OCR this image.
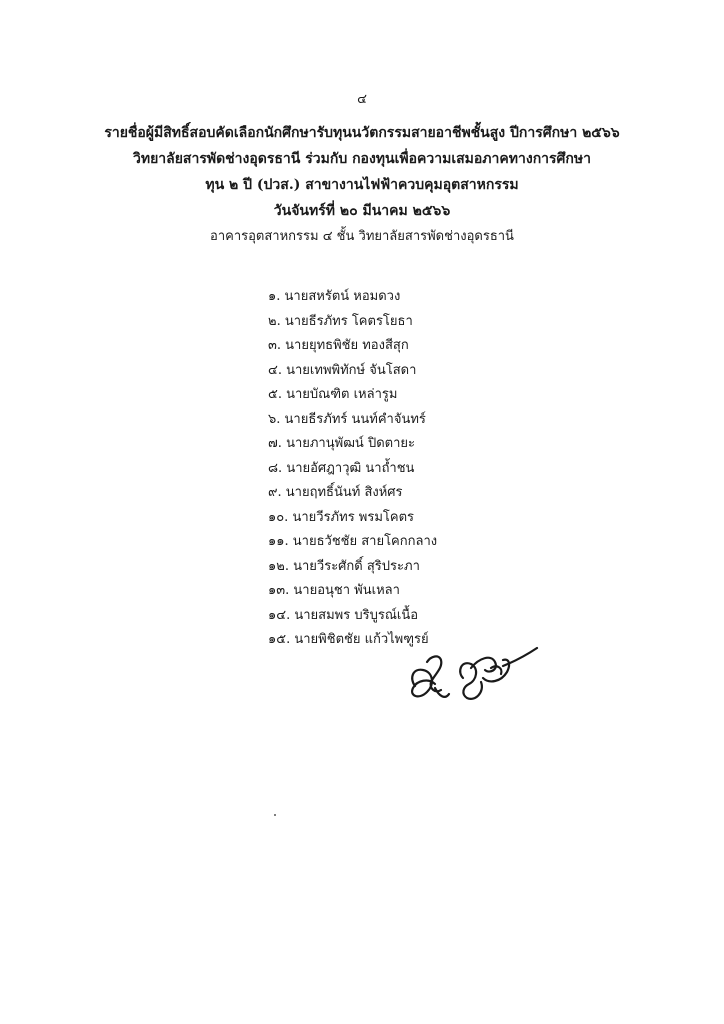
๔
รายชื่อผู้มีสิทธิ์สอบคัดเลือกนักศึกษารับทุนนวัตกรรมสายอาชีพชั้นสูง ปีการศึกษา ๒๕๖๖
วิทยาลัยสารพัดช่างอุดรธานี ร่วมกับ กองทุนเพื่อความเสมอภาคทางการศึกษา
ทุน ๒ ปี (ปวส.) สาขางานไฟฟ้าควบคุมอุตสาหกรรม
วันจันทร์ที่ ๒๐ มีนาคม ๒๕๖๖
อาคารอุตสาหกรรม ๔ ชั้น วิทยาลัยสารพัดช่างอุดรธานี
๑. นายสหรัตน์ หอมดวง
๒. นายธีรภัทร โคตรโยธา
๓. นายยุทธพิชัย ทองสีสุก
๔. นายเทพพิทักษ์ จันโสดา
๕. นายบัณฑิต เหล่ารูม
๖. นายธีรภัทร์ นนท์คำจันทร์
๗. นายภานุพัฒน์ ปิดตายะ
๘. นายอัศฎาวุฒิ นาถ้ำชน
๙. นายฤทธิ์นันท์ สิงห์ศร
๑๐. นายวีรภัทร พรมโคตร
๑๑. นายธวัชชัย สายโคกกลาง
๑๒. นายวีระศักดิ์ สุริประภา
๑๓. นายอนุชา พันเหลา
๑๔. นายสมพร บริบูรณ์เนื้อ
๑๕. นายพิชิตชัย แก้วไพฑูรย์
